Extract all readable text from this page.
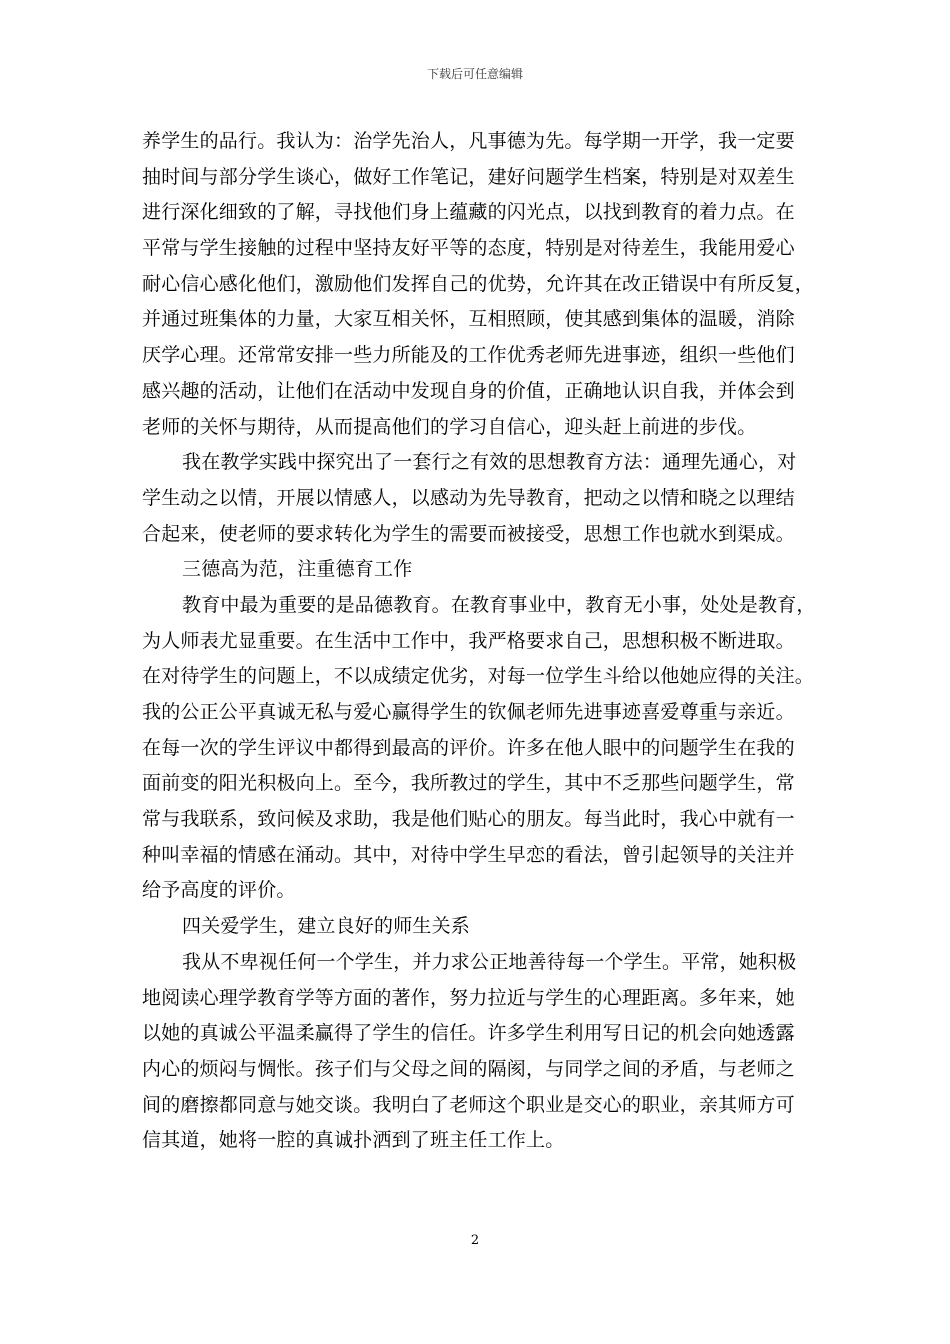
下载后可任意编辑
养学生的品行。我认为：治学先治人，凡事德为先。每学期一开学，我一定要
抽时间与部分学生谈心，做好工作笔记，建好问题学生档案，特别是对双差生
进行深化细致的了解，寻找他们身上蕴藏的闪光点，以找到教育的着力点。在
平常与学生接触的过程中坚持友好平等的态度，特别是对待差生，我能用爱心
耐心信心感化他们，激励他们发挥自己的优势，允许其在改正错误中有所反复，
并通过班集体的力量，大家互相关怀，互相照顾，使其感到集体的温暖，消除
厌学心理。还常常安排一些力所能及的工作优秀老师先进事迹，组织一些他们
感兴趣的活动，让他们在活动中发现自身的价值，正确地认识自我，并体会到
老师的关怀与期待，从而提高他们的学习自信心，迎头赶上前进的步伐。
我在教学实践中探究出了一套行之有效的思想教育方法：通理先通心，对
学生动之以情，开展以情感人，以感动为先导教育，把动之以情和晓之以理结
合起来，使老师的要求转化为学生的需要而被接受，思想工作也就水到渠成。
三德高为范，注重德育工作
教育中最为重要的是品德教育。在教育事业中，教育无小事，处处是教育，
为人师表尤显重要。在生活中工作中，我严格要求自己，思想积极不断进取。
在对待学生的问题上，不以成绩定优劣，对每一位学生斗给以他她应得的关注。
我的公正公平真诚无私与爱心赢得学生的钦佩老师先进事迹喜爱尊重与亲近。
在每一次的学生评议中都得到最高的评价。许多在他人眼中的问题学生在我的
面前变的阳光积极向上。至今，我所教过的学生，其中不乏那些问题学生，常
常与我联系，致问候及求助，我是他们贴心的朋友。每当此时，我心中就有一
种叫幸福的情感在涌动。其中，对待中学生早恋的看法，曾引起领导的关注并
给予高度的评价。
四关爱学生，建立良好的师生关系
我从不卑视任何一个学生，并力求公正地善待每一个学生。平常，她积极
地阅读心理学教育学等方面的著作，努力拉近与学生的心理距离。多年来，她
以她的真诚公平温柔赢得了学生的信任。许多学生利用写日记的机会向她透露
内心的烦闷与惆怅。孩子们与父母之间的隔阂，与同学之间的矛盾，与老师之
间的磨擦都同意与她交谈。我明白了老师这个职业是交心的职业，亲其师方可
信其道，她将一腔的真诚扑洒到了班主任工作上。
2
